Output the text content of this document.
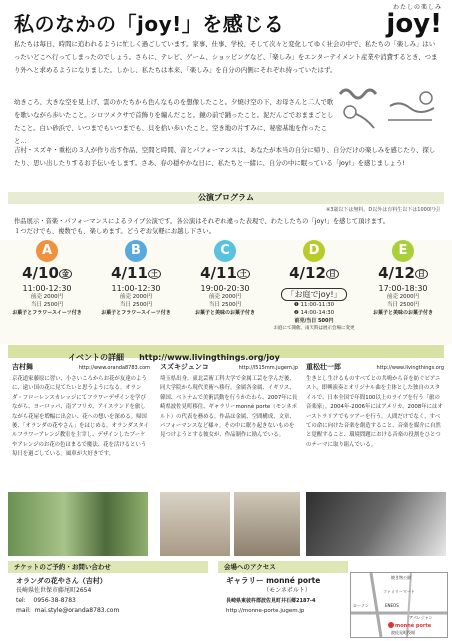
私のなかの「joy!」を感じる
わたしの楽しみ
joy!
私たちは毎日、時間に追われるように忙しく過ごしています。家事、仕事、学校、そして次々と変化してゆく社会の中で、私たちの「楽しみ」はいったいどこへ行ってしまったのでしょう。さらに、テレビ、ゲーム、ショッピングなど、「楽しみ」をエンターテイメント産業や消費するとき、つまり外へと求めるようになりました。しかし、私たちは本来、「楽しみ」を自分の内側にそれぞれ持っていたはず。
幼きころ、大きな空を見上げ、雲のかたちから色んなものを想像したこと。夕焼け空の下、お母さんと二人で歌を歌いながら歩いたこと。シロツメクサで首飾りを編んだこと。鏡の前で踊ったこと。泥だんごでおままごとしたこと。白い砂浜で、いつまでもいつまでも、貝を拾い歩いたこと。空き地の片すみに、秘密基地を作ったこと…
吉村・スズキ・重松の３人が作り出す作品、空間と時間、音とパフォーマンスは、あなたが本当の自分に帰り、自分だけの楽しみを感じたり、探したり、思い出したりするお手伝いをします。さあ、春の穏やかな日に、私たちと一緒に、自分の中に眠っている「joy!」を感じましょう!
公演プログラム
※3歳以下は無料。D以外は有料生以下は1000円引
作品展示・音楽・パフォーマンスによるライブ公演です。各公演はそれぞれ違った表現で、わたしたちの「joy!」を感じて頂けます。
１つだけでも、複数でも、楽しめます。どうぞお気軽にお越し下さい。
A
4/10 金
11:00-12:30
前売 2000円
当日 2500円
お菓子とフラワースイーツ付き
B
4/11 土
11:00-12:30
前売 2000円
当日 2500円
お菓子とフラワースイーツ付き
C
4/11 土
19:00-20:30
前売 2000円
当日 2500円
お菓子と美味のお菓子付き
D
4/12 日
「お庭でjoy!」
❶ 11:00-11:30
❷ 14:00-14:30
前売/当日 500円
お庭にて開催。雨天時は展示会場に変更
E
4/12 日
17:00-18:30
前売 2000円
当日 2500円
お菓子と美味のお菓子付き
イベントの詳細 http://www.livingthings.org/joy
吉村舞	http://www.oranda8783.com
京花道家藤原に習い、小さいころからお花が友達のように、遠い国の花に見てたいと思うようになる。オランダ・フローレンスカレッジにてフラワーデザインを学びながら、ヨーロッパ、南アフリカ、アイスランドを旅しながら花屋を増幅に出会い、花への想いを深める。帰国後、「オランダの花やさん」をはじめる。オランダスタイルフラワーアレンジ教室を主宰し、デザインしたブーケやアレンジのお花の色はまるで魔法、花を活けるという毎日を過ごしている。風車が大好きです。
スズキジュンコ	http://l515mm.jugem.jp
埼玉県出身。東北芸術工科大学で金属工芸を学んだ後、同大学院から現代美術へ移行。金属各金属、イギリス、韓国、ベトナムで美術活動を行うかたわら、2007年に長崎県波佐見町移住、ギャラリーmonné porte（モンネポルト）の代表を務める。作品は金属、空間構成、文章、パフォーマンスなど様々。その中に眠り起きないものを見つけようとする彼女が、作品制作に励んでいる。
重松壮一郎	http://www.livingthings.org
生きとし生けるものすべてとの共鳴から音を紡ぐピアニスト。即興演奏とオリジナル曲を主体とした独自のスタイルで、日本全国で年間100以上のライブを行う「旅の音楽家」。2004年-2006年にはアメリカ、2008年にはオーストラリアでもツアーを行う。人間だけでなく、すべての命に向けた音楽を創造すること、音楽を媒介に自然と覚醒すること、環境問題における音楽の役割をひとつのテーマに取り組んでいる。
チケットのご予約・お問い合わせ
オランダの花やさん（吉村）
長崎県佐世保市藤尾町2654
tel: 0956-38-8783
mail: mai.style@oranda8783.com
会場へのアクセス
ギャラリー monné porte
（モンネポルト）
長崎県東彼杵郡波佐見町井石郷2187-4
http://monne-porte.jugem.jp
焼き物公園
ファミリーマート
ローソン	ENEOS
アパレジャン
monné porte
波佐見町役場
